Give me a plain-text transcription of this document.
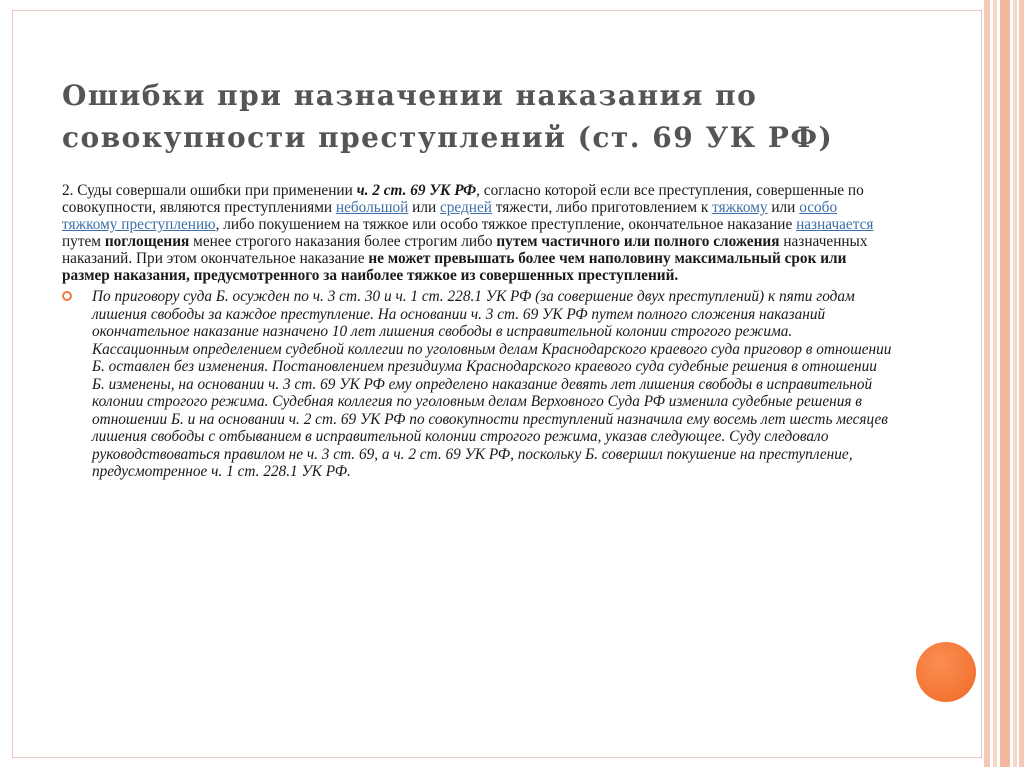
Ошибки при назначении наказания по совокупности преступлений (ст. 69 УК РФ)

2. Суды совершали ошибки при применении ч. 2 ст. 69 УК РФ, согласно которой если все преступления, совершенные по совокупности, являются преступлениями небольшой или средней тяжести, либо приготовлением к тяжкому или особо тяжкому преступлению, либо покушением на тяжкое или особо тяжкое преступление, окончательное наказание назначается путем поглощения менее строгого наказания более строгим либо путем частичного или полного сложения назначенных наказаний. При этом окончательное наказание не может превышать более чем наполовину максимальный срок или размер наказания, предусмотренного за наиболее тяжкое из совершенных преступлений.

По приговору суда Б. осужден по ч. 3 ст. 30 и ч. 1 ст. 228.1 УК РФ (за совершение двух преступлений) к пяти годам лишения свободы за каждое преступление. На основании ч. 3 ст. 69 УК РФ путем полного сложения наказаний окончательное наказание назначено 10 лет лишения свободы в исправительной колонии строгого режима. Кассационным определением судебной коллегии по уголовным делам Краснодарского краевого суда приговор в отношении Б. оставлен без изменения. Постановлением президиума Краснодарского краевого суда судебные решения в отношении Б. изменены, на основании ч. 3 ст. 69 УК РФ ему определено наказание девять лет лишения свободы в исправительной колонии строгого режима. Судебная коллегия по уголовным делам Верховного Суда РФ изменила судебные решения в отношении Б. и на основании ч. 2 ст. 69 УК РФ по совокупности преступлений назначила ему восемь лет шесть месяцев лишения свободы с отбыванием в исправительной колонии строгого режима, указав следующее. Суду следовало руководствоваться правилом не ч. 3 ст. 69, а ч. 2 ст. 69 УК РФ, поскольку Б. совершил покушение на преступление, предусмотренное ч. 1 ст. 228.1 УК РФ.
